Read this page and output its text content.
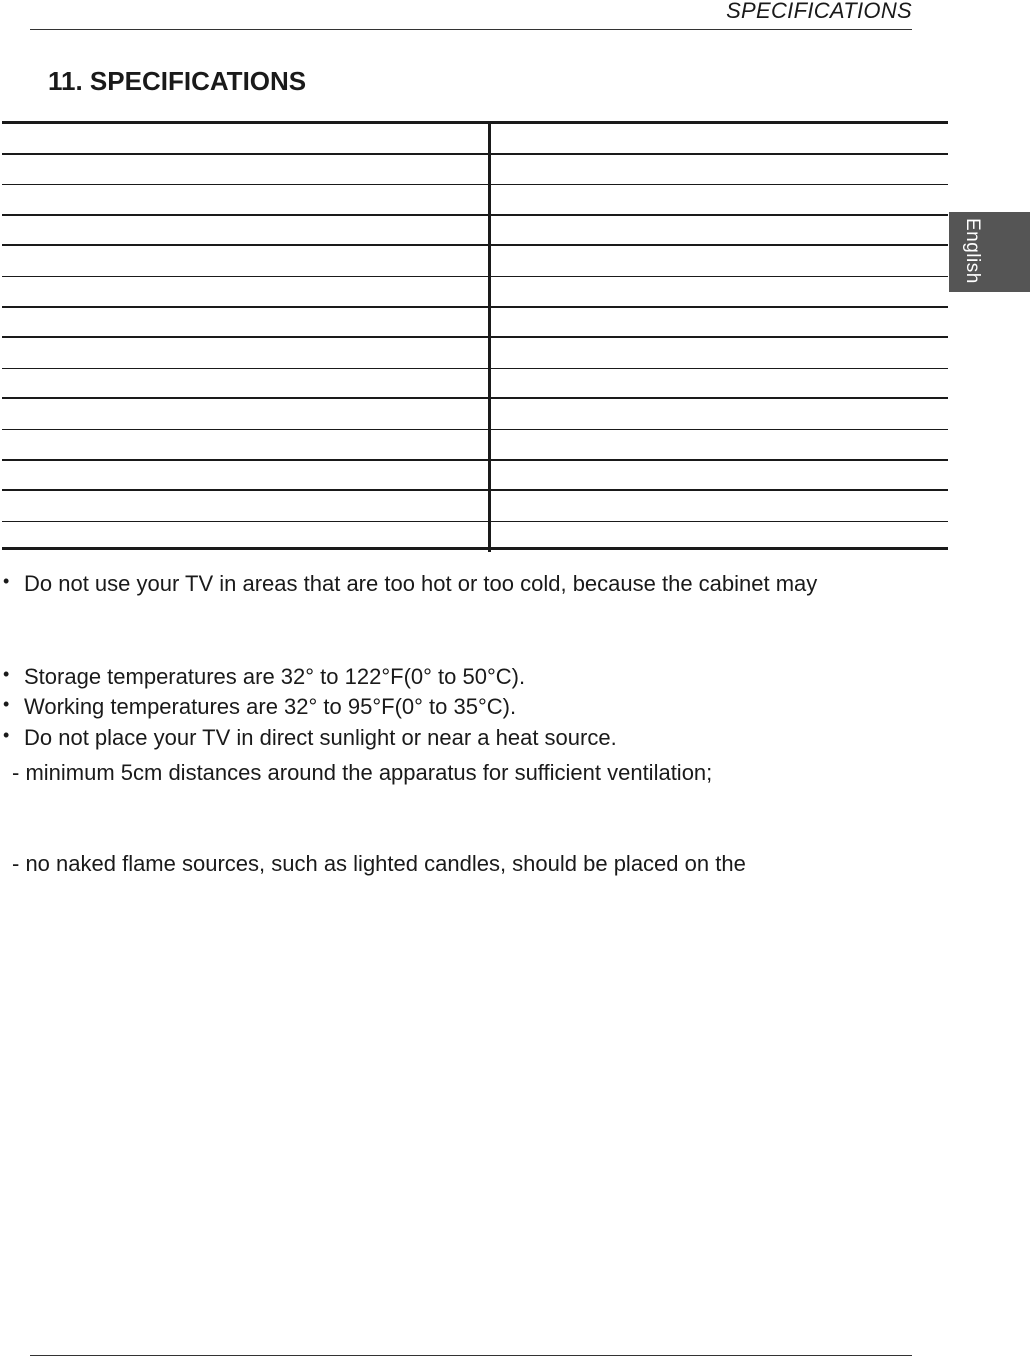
SPECIFICATIONS
11. SPECIFICATIONS
English
• Do not use your TV in areas that are too hot or too cold, because the cabinet may
• Storage temperatures are 32° to 122°F(0° to 50°C).
• Working temperatures are 32° to 95°F(0° to 35°C).
• Do not place your TV in direct sunlight or near a heat source.
- minimum 5cm distances around the apparatus for sufficient ventilation;
- no naked flame sources, such as lighted candles, should be placed on the
